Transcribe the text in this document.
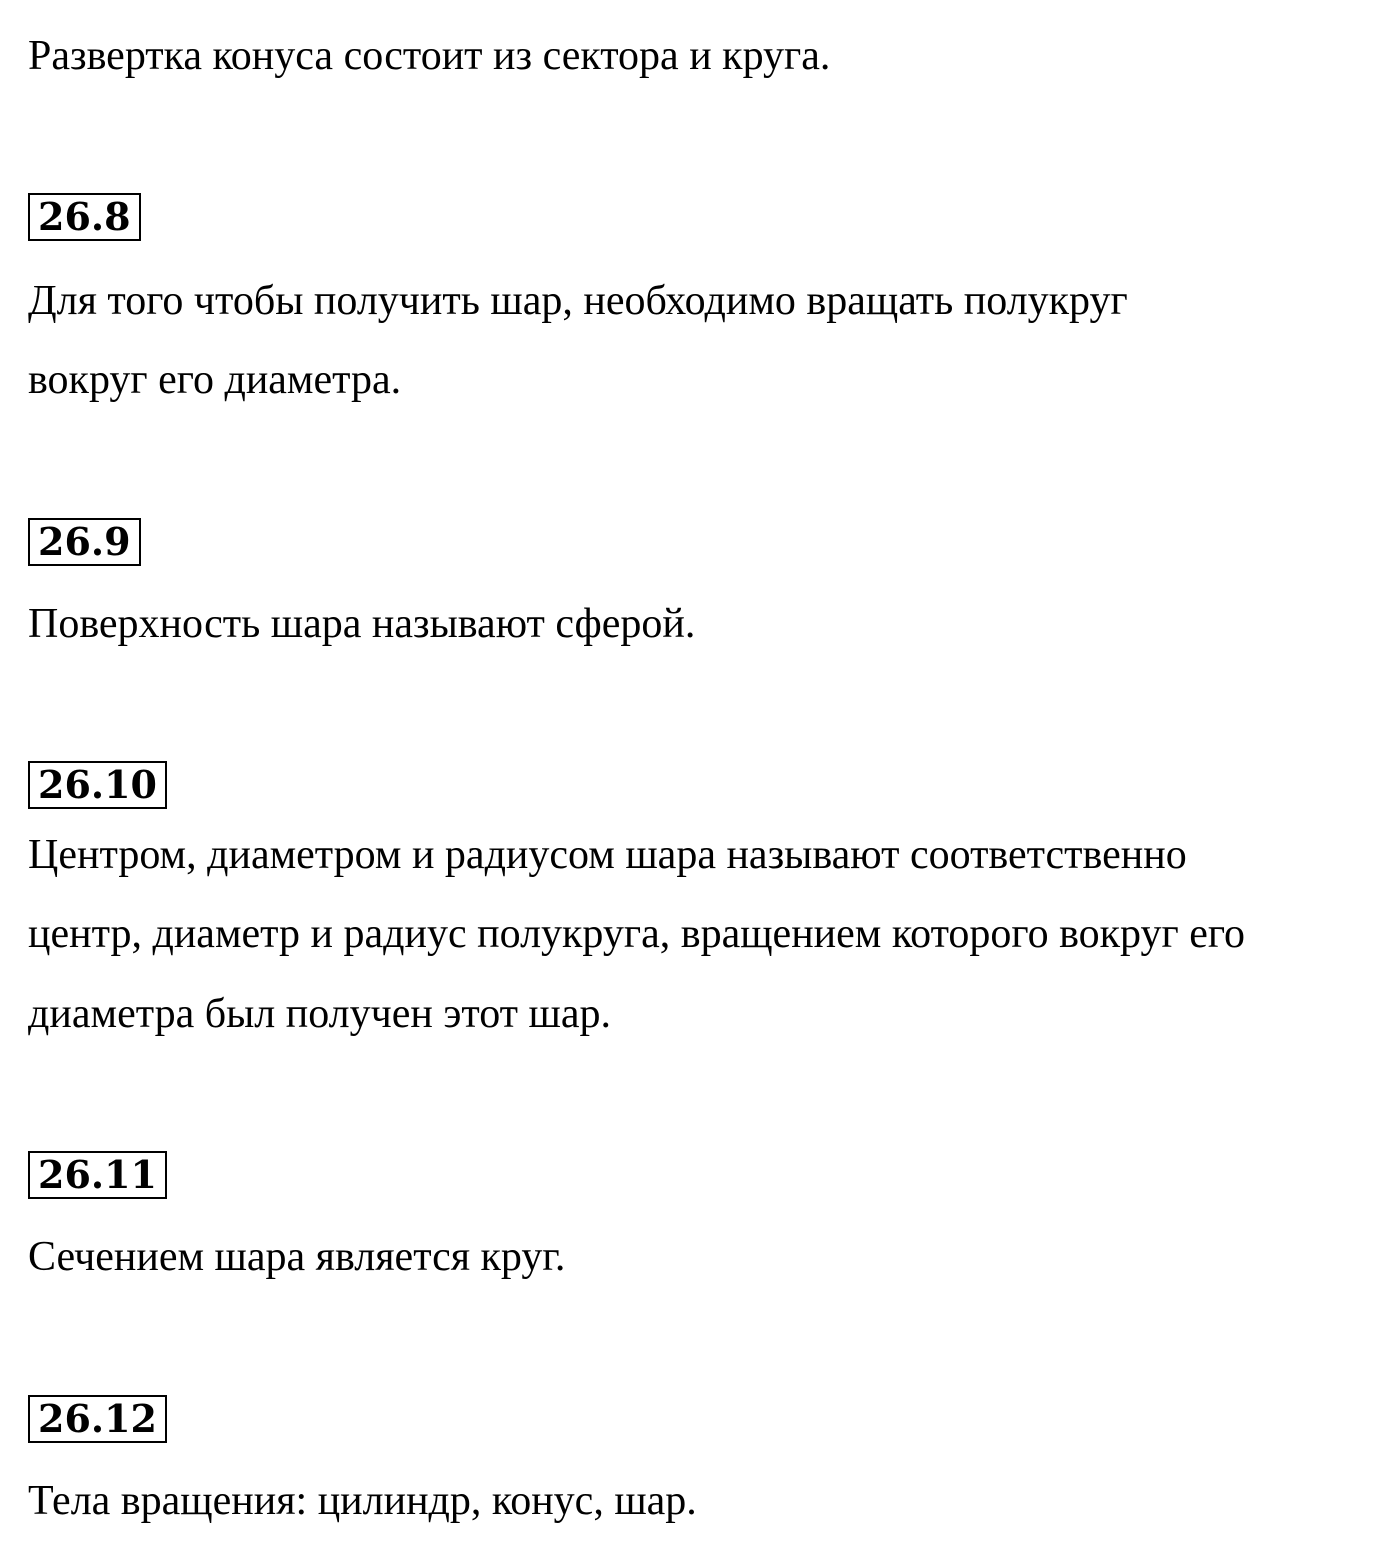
Развертка конуса состоит из сектора и круга.
26.8
Для того чтобы получить шар, необходимо вращать полукруг
вокруг его диаметра.
26.9
Поверхность шара называют сферой.
26.10
Центром, диаметром и радиусом шара называют соответственно
центр, диаметр и радиус полукруга, вращением которого вокруг его
диаметра был получен этот шар.
26.11
Сечением шара является круг.
26.12
Тела вращения: цилиндр, конус, шар.
